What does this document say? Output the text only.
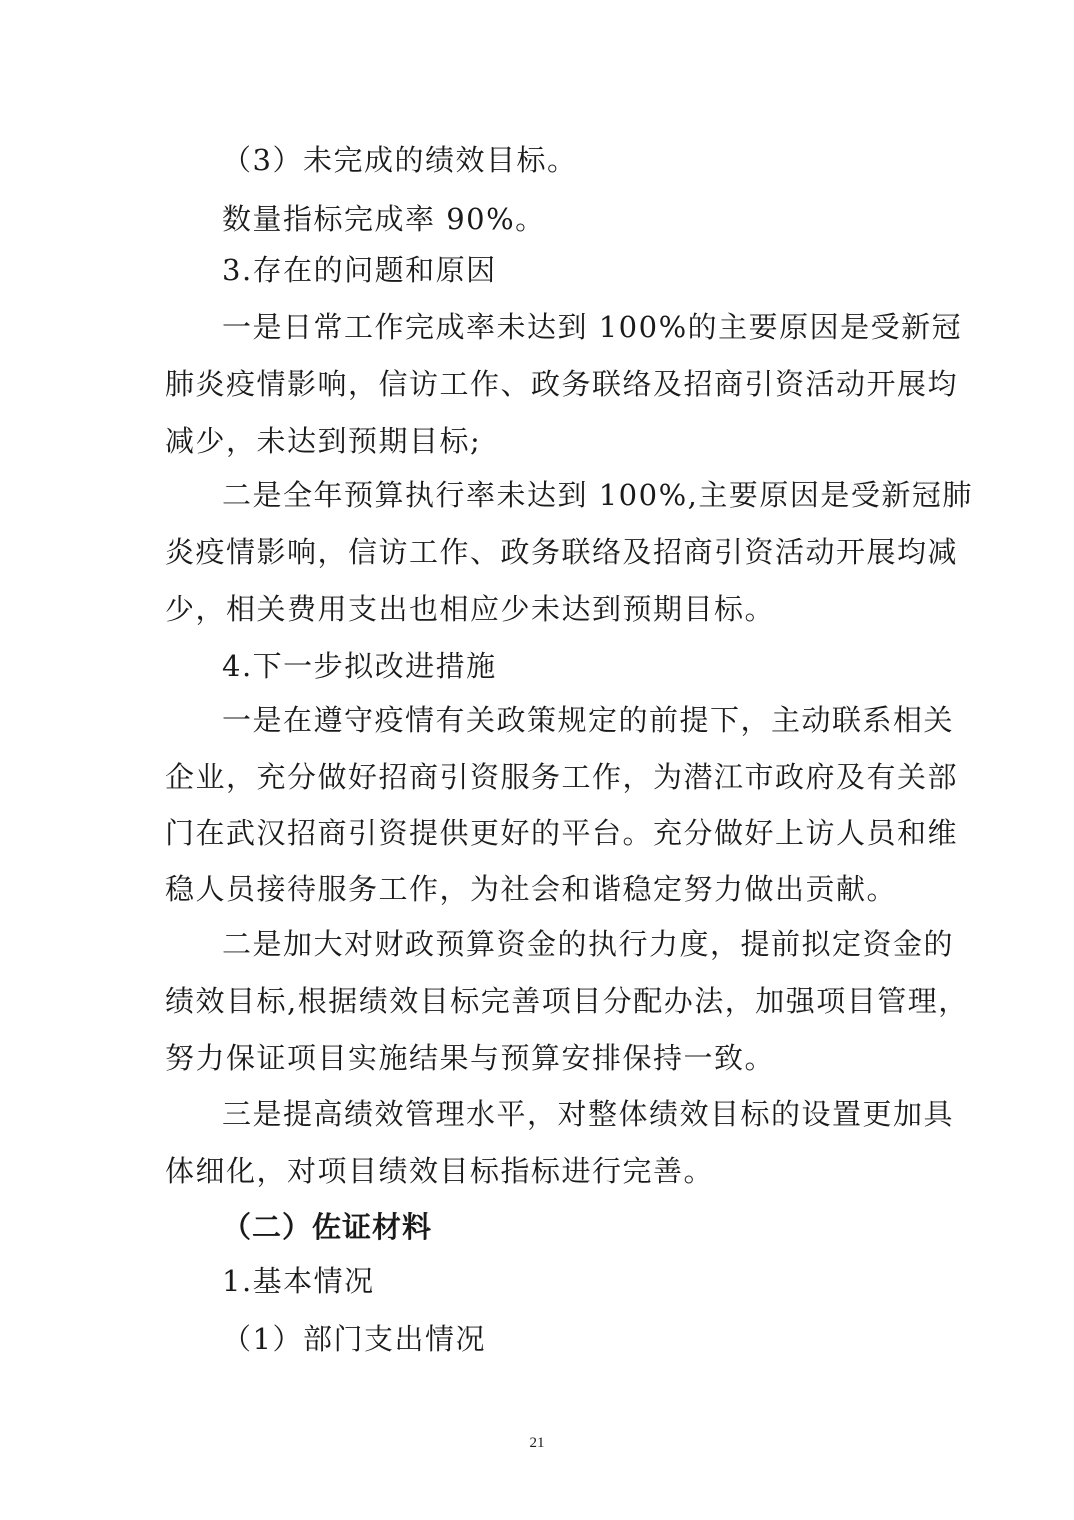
（3）未完成的绩效目标。
数量指标完成率 90%。
3.存在的问题和原因
一是日常工作完成率未达到 100%的主要原因是受新冠
肺炎疫情影响，信访工作、政务联络及招商引资活动开展均
减少，未达到预期目标;
二是全年预算执行率未达到 100%,主要原因是受新冠肺
炎疫情影响，信访工作、政务联络及招商引资活动开展均减
少，相关费用支出也相应少未达到预期目标。
4.下一步拟改进措施
一是在遵守疫情有关政策规定的前提下，主动联系相关
企业，充分做好招商引资服务工作，为潜江市政府及有关部
门在武汉招商引资提供更好的平台。充分做好上访人员和维
稳人员接待服务工作，为社会和谐稳定努力做出贡献。
二是加大对财政预算资金的执行力度，提前拟定资金的
绩效目标,根据绩效目标完善项目分配办法，加强项目管理，
努力保证项目实施结果与预算安排保持一致。
三是提高绩效管理水平，对整体绩效目标的设置更加具
体细化，对项目绩效目标指标进行完善。
（二）佐证材料
1.基本情况
（1）部门支出情况
21
